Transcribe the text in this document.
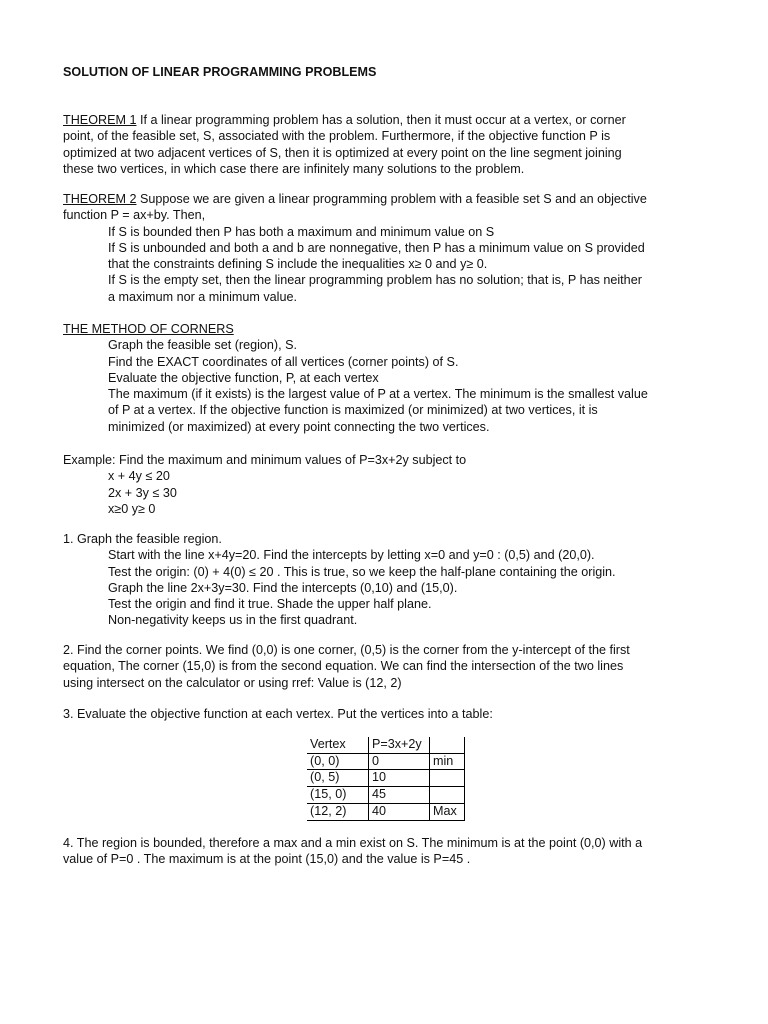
SOLUTION OF LINEAR PROGRAMMING PROBLEMS
THEOREM 1 If a linear programming problem has a solution, then it must occur at a vertex, or corner
point, of the feasible set, S, associated with the problem. Furthermore, if the objective function P is
optimized at two adjacent vertices of S, then it is optimized at every point on the line segment joining
these two vertices, in which case there are infinitely many solutions to the problem.
THEOREM 2 Suppose we are given a linear programming problem with a feasible set S and an objective
function P = ax+by. Then,
If S is bounded then P has both a maximum and minimum value on S
If S is unbounded and both a and b are nonnegative, then P has a minimum value on S provided
that the constraints defining S include the inequalities x≥ 0 and y≥ 0.
If S is the empty set, then the linear programming problem has no solution; that is, P has neither
a maximum nor a minimum value.
THE METHOD OF CORNERS
Graph the feasible set (region), S.
Find the EXACT coordinates of all vertices (corner points) of S.
Evaluate the objective function, P, at each vertex
The maximum (if it exists) is the largest value of P at a vertex. The minimum is the smallest value
of P at a vertex. If the objective function is maximized (or minimized) at two vertices, it is
minimized (or maximized) at every point connecting the two vertices.
Example: Find the maximum and minimum values of P=3x+2y subject to
x + 4y ≤ 20
2x + 3y ≤ 30
x≥0 y≥ 0
1. Graph the feasible region.
Start with the line x+4y=20. Find the intercepts by letting x=0 and y=0 : (0,5) and (20,0).
Test the origin: (0) + 4(0) ≤ 20 . This is true, so we keep the half-plane containing the origin.
Graph the line 2x+3y=30. Find the intercepts (0,10) and (15,0).
Test the origin and find it true. Shade the upper half plane.
Non-negativity keeps us in the first quadrant.
2. Find the corner points. We find (0,0) is one corner, (0,5) is the corner from the y-intercept of the first
equation, The corner (15,0) is from the second equation. We can find the intersection of the two lines
using intersect on the calculator or using rref: Value is (12, 2)
3. Evaluate the objective function at each vertex. Put the vertices into a table:
Vertex	P=3x+2y	
(0, 0)	0	min
(0, 5)	10	
(15, 0)	45	
(12, 2)	40	Max
4. The region is bounded, therefore a max and a min exist on S. The minimum is at the point (0,0) with a
value of P=0 . The maximum is at the point (15,0) and the value is P=45 .
